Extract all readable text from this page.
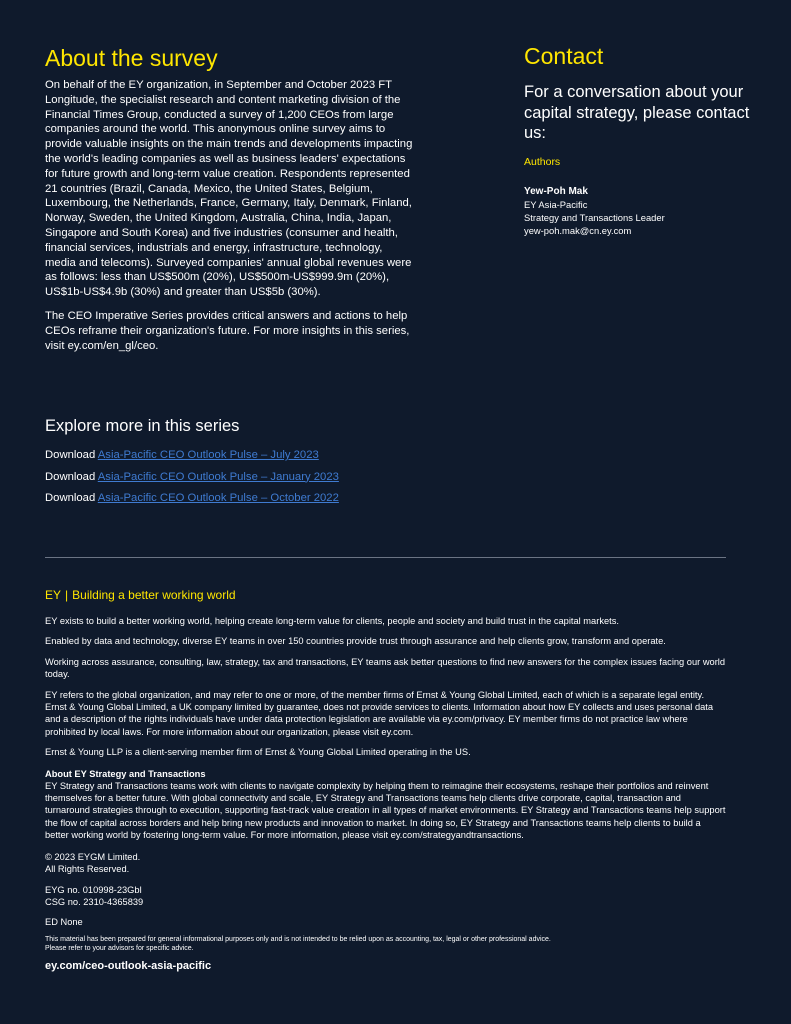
About the survey

On behalf of the EY organization, in September and October 2023 FT Longitude, the specialist research and content marketing division of the Financial Times Group, conducted a survey of 1,200 CEOs from large companies around the world. This anonymous online survey aims to provide valuable insights on the main trends and developments impacting the world's leading companies as well as business leaders' expectations for future growth and long-term value creation. Respondents represented 21 countries (Brazil, Canada, Mexico, the United States, Belgium, Luxembourg, the Netherlands, France, Germany, Italy, Denmark, Finland, Norway, Sweden, the United Kingdom, Australia, China, India, Japan, Singapore and South Korea) and five industries (consumer and health, financial services, industrials and energy, infrastructure, technology, media and telecoms). Surveyed companies' annual global revenues were as follows: less than US$500m (20%), US$500m-US$999.9m (20%), US$1b-US$4.9b (30%) and greater than US$5b (30%).

The CEO Imperative Series provides critical answers and actions to help CEOs reframe their organization's future. For more insights in this series, visit ey.com/en_gl/ceo.

Contact

For a conversation about your capital strategy, please contact us:

Authors

Yew-Poh Mak

EY Asia-Pacific

Strategy and Transactions Leader

yew-poh.mak@cn.ey.com

Explore more in this series
Download Asia-Pacific CEO Outlook Pulse – July 2023
Download Asia-Pacific CEO Outlook Pulse – January 2023
Download Asia-Pacific CEO Outlook Pulse – October 2022

EY | Building a better working world

EY exists to build a better working world, helping create long-term value for clients, people and society and build trust in the capital markets.

Enabled by data and technology, diverse EY teams in over 150 countries provide trust through assurance and help clients grow, transform and operate.

Working across assurance, consulting, law, strategy, tax and transactions, EY teams ask better questions to find new answers for the complex issues facing our world today.

EY refers to the global organization, and may refer to one or more, of the member firms of Ernst & Young Global Limited, each of which is a separate legal entity. Ernst & Young Global Limited, a UK company limited by guarantee, does not provide services to clients. Information about how EY collects and uses personal data and a description of the rights individuals have under data protection legislation are available via ey.com/privacy. EY member firms do not practice law where prohibited by local laws. For more information about our organization, please visit ey.com.

Ernst & Young LLP is a client-serving member firm of Ernst & Young Global Limited operating in the US.

About EY Strategy and Transactions

EY Strategy and Transactions teams work with clients to navigate complexity by helping them to reimagine their ecosystems, reshape their portfolios and reinvent themselves for a better future. With global connectivity and scale, EY Strategy and Transactions teams help clients drive corporate, capital, transaction and turnaround strategies through to execution, supporting fast-track value creation in all types of market environments. EY Strategy and Transactions teams help support the flow of capital across borders and help bring new products and innovation to market. In doing so, EY Strategy and Transactions teams help clients to build a better working world by fostering long-term value. For more information, please visit ey.com/strategyandtransactions.

© 2023 EYGM Limited.

All Rights Reserved.

EYG no. 010998-23Gbl

CSG no. 2310-4365839

ED None

This material has been prepared for general informational purposes only and is not intended to be relied upon as accounting, tax, legal or other professional advice.

Please refer to your advisors for specific advice.

ey.com/ceo-outlook-asia-pacific
